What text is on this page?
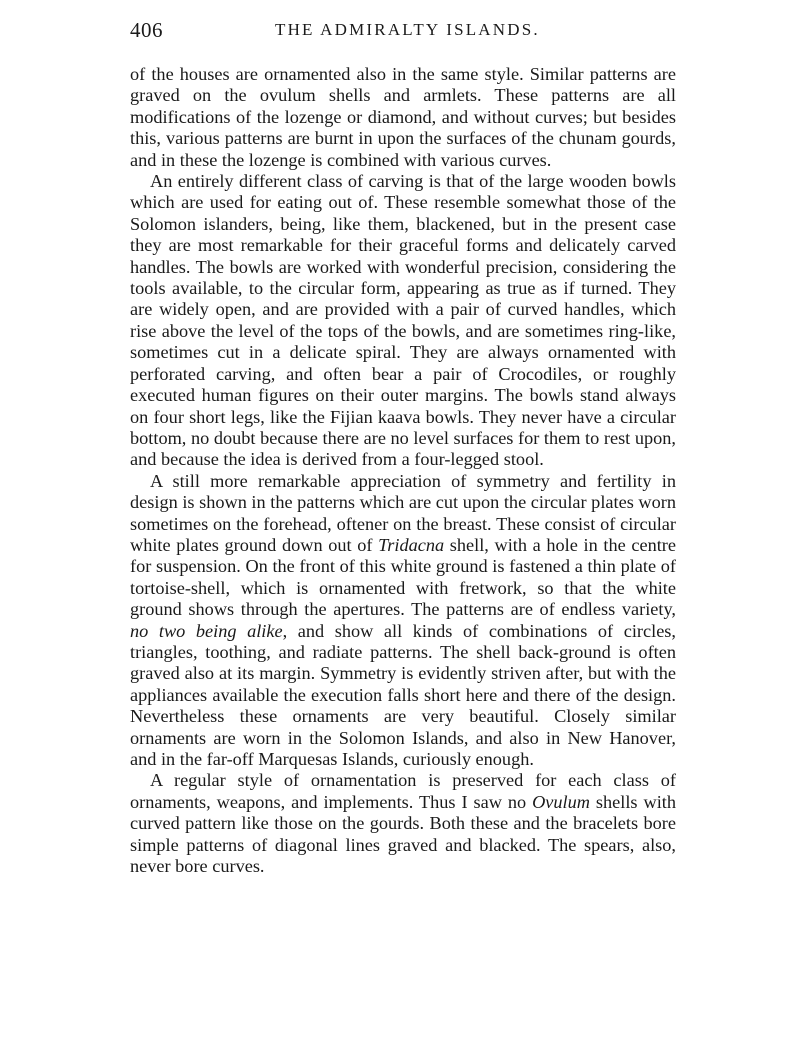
406	THE ADMIRALTY ISLANDS.

of the houses are ornamented also in the same style. Similar patterns are graved on the ovulum shells and armlets. These patterns are all modifications of the lozenge or diamond, and without curves; but besides this, various patterns are burnt in upon the surfaces of the chunam gourds, and in these the lozenge is combined with various curves.

An entirely different class of carving is that of the large wooden bowls which are used for eating out of. These resemble somewhat those of the Solomon islanders, being, like them, blackened, but in the present case they are most remarkable for their graceful forms and delicately carved handles. The bowls are worked with wonderful precision, considering the tools available, to the circular form, appearing as true as if turned. They are widely open, and are provided with a pair of curved handles, which rise above the level of the tops of the bowls, and are sometimes ring-like, sometimes cut in a delicate spiral. They are always ornamented with perforated carving, and often bear a pair of Crocodiles, or roughly executed human figures on their outer margins. The bowls stand always on four short legs, like the Fijian kaava bowls. They never have a circular bottom, no doubt because there are no level surfaces for them to rest upon, and because the idea is derived from a four-legged stool.

A still more remarkable appreciation of symmetry and fertility in design is shown in the patterns which are cut upon the circular plates worn sometimes on the forehead, oftener on the breast. These consist of circular white plates ground down out of Tridacna shell, with a hole in the centre for suspension. On the front of this white ground is fastened a thin plate of tortoise-shell, which is ornamented with fretwork, so that the white ground shows through the apertures. The patterns are of endless variety, no two being alike, and show all kinds of combinations of circles, triangles, toothing, and radiate patterns. The shell back-ground is often graved also at its margin. Symmetry is evidently striven after, but with the appliances available the execution falls short here and there of the design. Nevertheless these ornaments are very beautiful. Closely similar ornaments are worn in the Solomon Islands, and also in New Hanover, and in the far-off Marquesas Islands, curiously enough.

A regular style of ornamentation is preserved for each class of ornaments, weapons, and implements. Thus I saw no Ovulum shells with curved pattern like those on the gourds. Both these and the bracelets bore simple patterns of diagonal lines graved and blacked. The spears, also, never bore curves.
